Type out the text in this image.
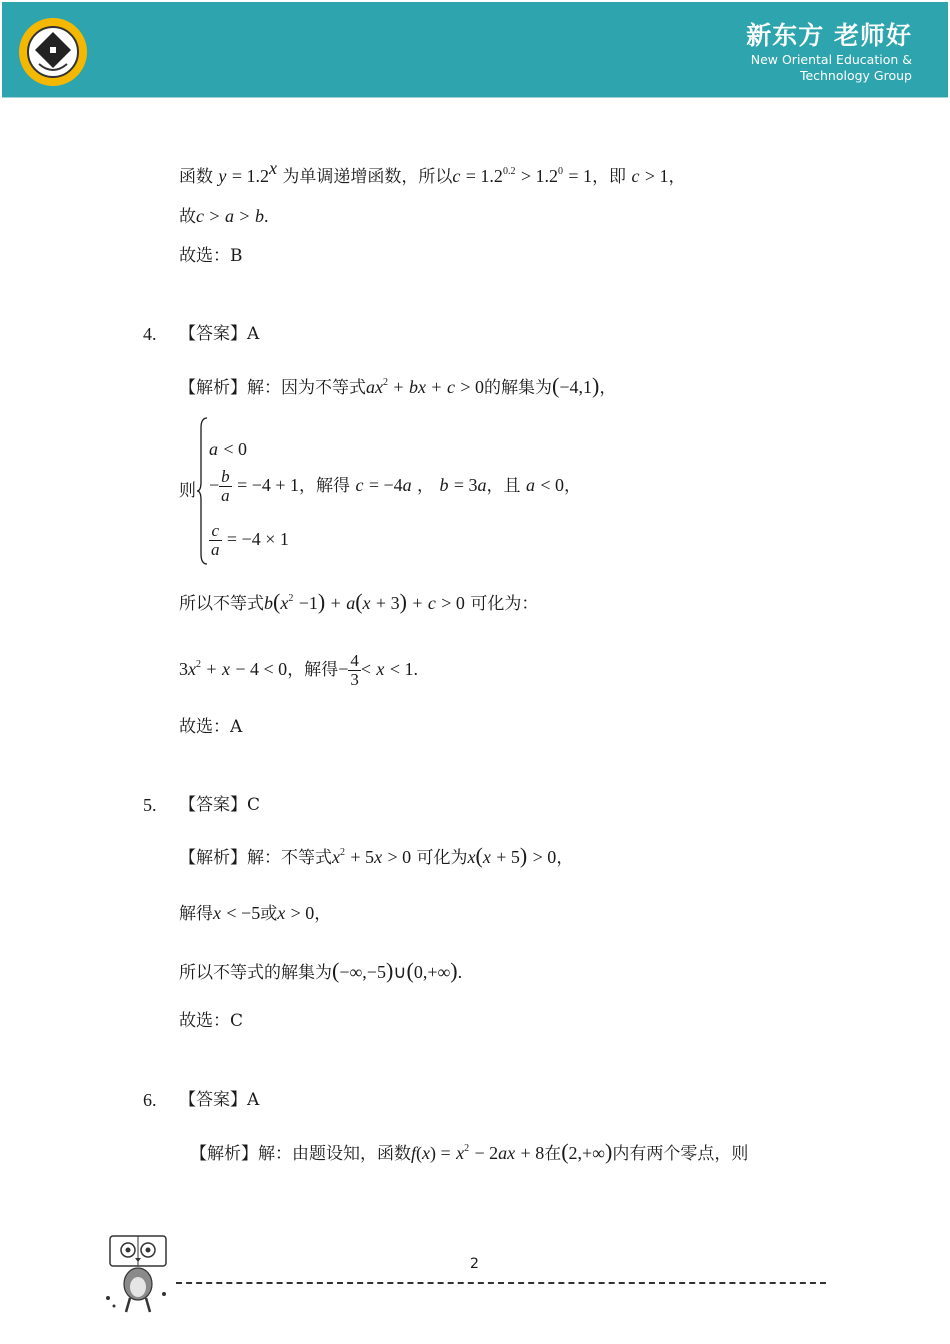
新东方 老师好
New Oriental Education &
Technology Group
函数 $y = 1.2^x$ 为单调递增函数，所以$c = 1.2^{0.2} > 1.2^0 = 1$，即 c > 1，
故c > a > b.
故选：B
4. 【答案】A
【解析】解：因为不等式$ax^2$ + bx + c > 0的解集为(−4,1)，
则
a < 0
− $\frac{b}{a} = -4 + 1$，解得 c = −4a ， b = 3a，且 a < 0，
$\frac{c}{a} = -4 \times 1$
所以不等式$b(x^2 -1) + a(x + 3) + c > 0$ 可化为：
$3x^2 + x - 4 < 0$，解得− $\frac{4}{3} < x < 1$.
故选：A
5. 【答案】C
【解析】解：不等式$x^2 + 5x > 0$ 可化为x(x + 5) > 0，
解得x < −5或x > 0，
所以不等式的解集为(−∞,−5)∪(0,+∞).
故选：C
6. 【答案】A
【解析】解：由题设知，函数$f(x) = x^2 - 2ax + 8$在(2,+∞)内有两个零点，则
2
